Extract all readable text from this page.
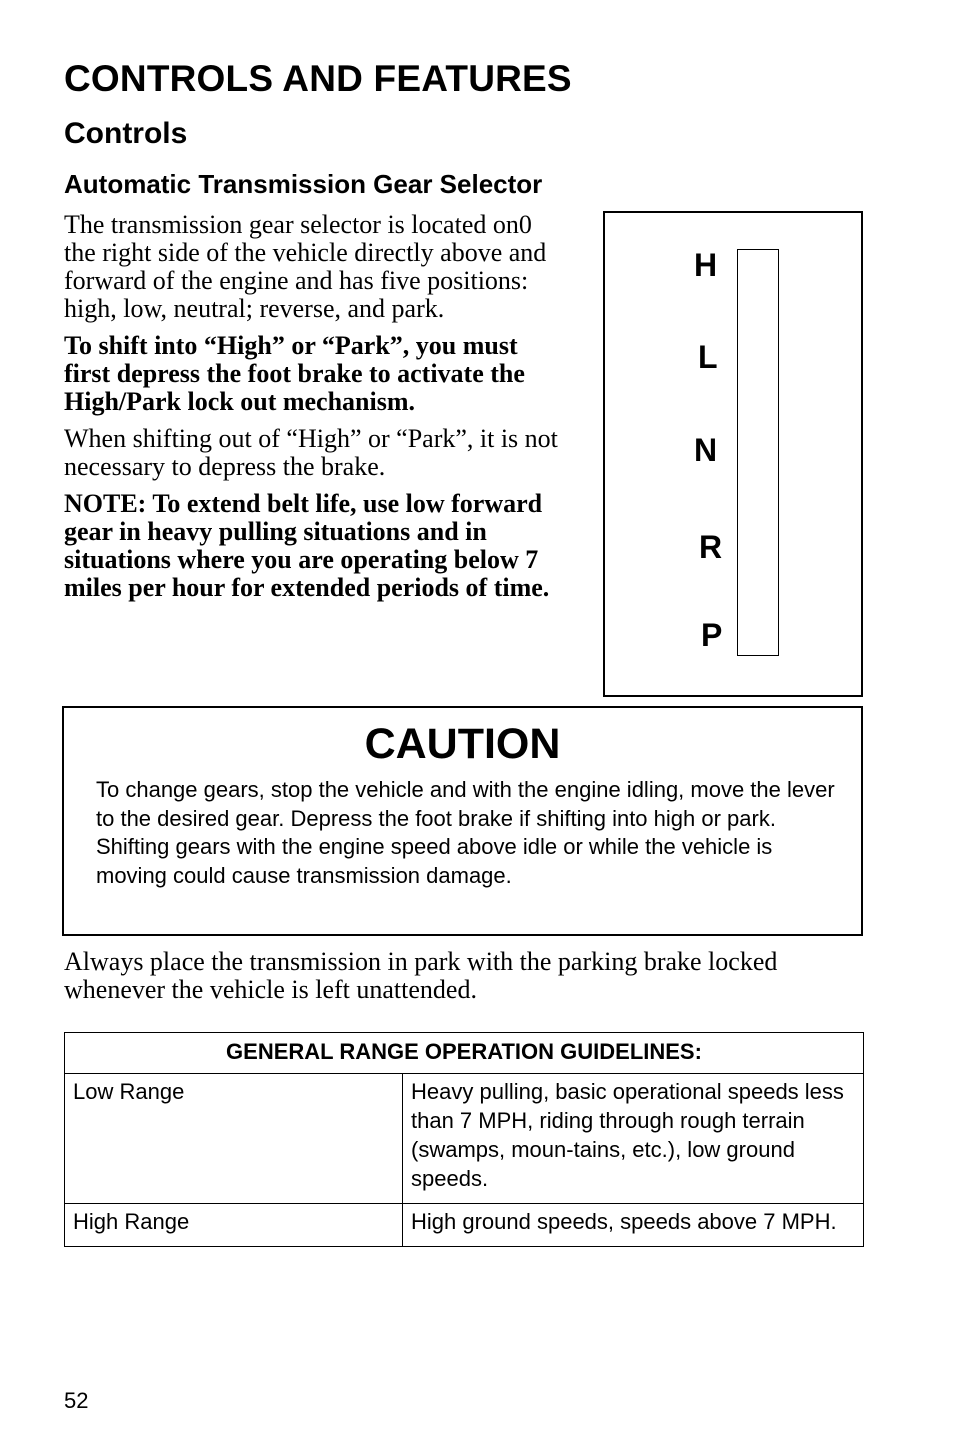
CONTROLS AND FEATURES
Controls
Automatic Transmission Gear Selector

The transmission gear selector is located on0 the right side of the vehicle directly above and forward of the engine and has five positions: high, low, neutral; reverse, and park.

To shift into “High” or “Park”, you must first depress the foot brake to activate the High/Park lock out mechanism.

When shifting out of “High” or “Park”, it is not necessary to depress the brake.

NOTE: To extend belt life, use low forward gear in heavy pulling situations and in situations where you are operating below 7 miles per hour for extended periods of time.

H
L
N
R
P
CAUTION
To change gears, stop the vehicle and with the engine idling, move the lever to the desired gear. Depress the foot brake if shifting into high or park. Shifting gears with the engine speed above idle or while the vehicle is moving could cause transmission damage.

Always place the transmission in park with the parking brake locked whenever the vehicle is left unattended.

GENERAL RANGE OPERATION GUIDELINES:	
Low Range	Heavy pulling, basic operational speeds less than 7 MPH, riding through rough terrain (swamps, moun-tains, etc.), low ground speeds.
High Range	High ground speeds, speeds above 7 MPH.
52
